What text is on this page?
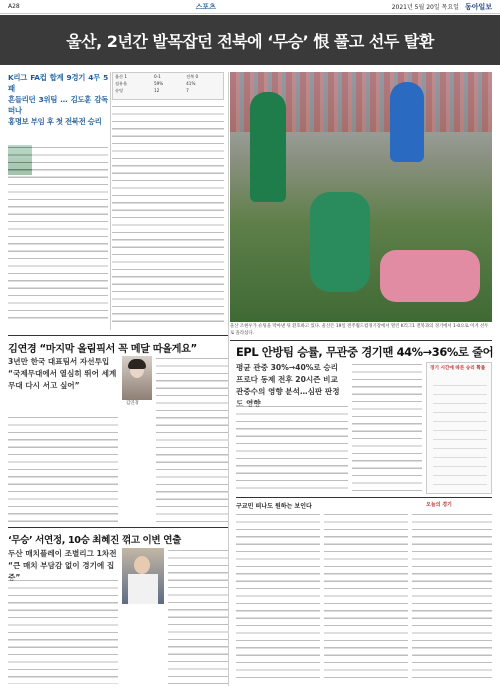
A28	스포츠	2021년 5월 20일 목요일 동아일보
울산, 2년간 발목잡던 전북에 ‘무승’ 恨 풀고 선두 탈환
K리그 FA컵 합계 9경기 4무 5패
흔들리던 3위팀 … 김도훈 감독 떠나
홍명보 부임 후 첫 전북전 승리
김연경 “마지막 올림픽서 꼭 메달 따올게요”
3년만 한국 대표팀서 자선투입
“국제무대에서 열심히 뛰어 세계 무대 다시 서고 싶어”
김연경
‘무승’ 서연정, 10승 최혜진 꺾고 이변 연출
두산 매치플레이 조별리그 1차전
“큰 매치 부담감 없이 경기에 집
울산 1	0-1	전북 0
점유율	59%	41%
슈팅	12	7
울산 조현우가 슈팅을 막아낸 뒤 환호하고 있다. 울산은 19일 전주월드컵경기장에서 열린 K리그1 전북과의 경기에서 1-0으로 이겨 선두로 올라섰다.
EPL 안방팀 승률, 무관중 경기땐 44%→36%로 줄어
평균 관중 30%→40%로 승리
프로다 동제 전후 20시즌 비교
관중수의 영향 분석…심판 판정
경기 시간에 따른 승리 확률
구교민 떠나도 원하는 보인다	오늘의 경기
